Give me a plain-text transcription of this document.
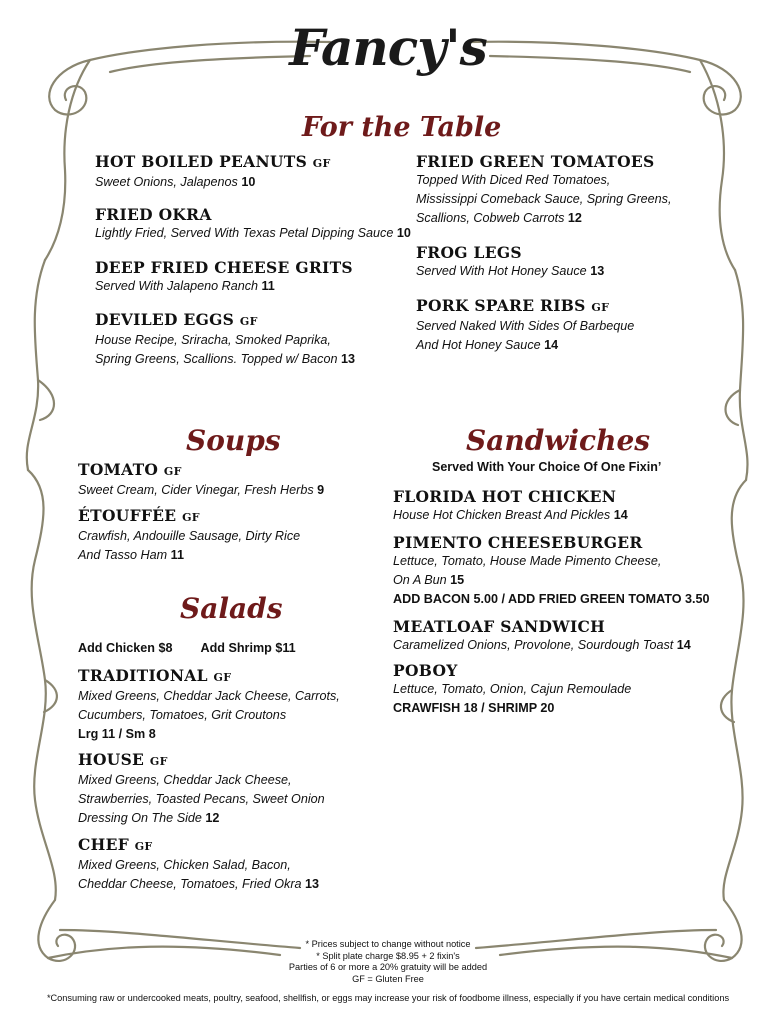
Fancy's
For the Table
HOT BOILED PEANUTS GF
Sweet Onions, Jalapenos 10
FRIED OKRA
Lightly Fried, Served With Texas Petal Dipping Sauce 10
DEEP FRIED CHEESE GRITS
Served With Jalapeno Ranch 11
DEVILED EGGS GF
House Recipe, Sriracha, Smoked Paprika,
Spring Greens, Scallions. Topped w/ Bacon 13
FRIED GREEN TOMATOES
Topped With Diced Red Tomatoes,
Mississippi Comeback Sauce, Spring Greens,
Scallions, Cobweb Carrots 12
FROG LEGS
Served With Hot Honey Sauce 13
PORK SPARE RIBS GF
Served Naked With Sides Of Barbeque
And Hot Honey Sauce 14
Soups
TOMATO GF
Sweet Cream, Cider Vinegar, Fresh Herbs 9
ÉTOUFFÉE GF
Crawfish, Andouille Sausage, Dirty Rice
And Tasso Ham 11
Salads
Add Chicken $8 Add Shrimp $11
TRADITIONAL GF
Mixed Greens, Cheddar Jack Cheese, Carrots,
Cucumbers, Tomatoes, Grit Croutons
Lrg 11 / Sm 8
HOUSE GF
Mixed Greens, Cheddar Jack Cheese,
Strawberries, Toasted Pecans, Sweet Onion
Dressing On The Side 12
CHEF GF
Mixed Greens, Chicken Salad, Bacon,
Cheddar Cheese, Tomatoes, Fried Okra 13
Sandwiches
Served With Your Choice Of One Fixin’
FLORIDA HOT CHICKEN
House Hot Chicken Breast And Pickles 14
PIMENTO CHEESEBURGER
Lettuce, Tomato, House Made Pimento Cheese,
On A Bun 15
ADD BACON 5.00 / ADD FRIED GREEN TOMATO 3.50
MEATLOAF SANDWICH
Caramelized Onions, Provolone, Sourdough Toast 14
POBOY
Lettuce, Tomato, Onion, Cajun Remoulade
CRAWFISH 18 / SHRIMP 20
* Prices subject to change without notice
* Split plate charge $8.95 + 2 fixin's
Parties of 6 or more a 20% gratuity will be added
GF = Gluten Free
*Consuming raw or undercooked meats, poultry, seafood, shellfish, or eggs may increase your risk of foodbome illness, especially if you have certain medical conditions
